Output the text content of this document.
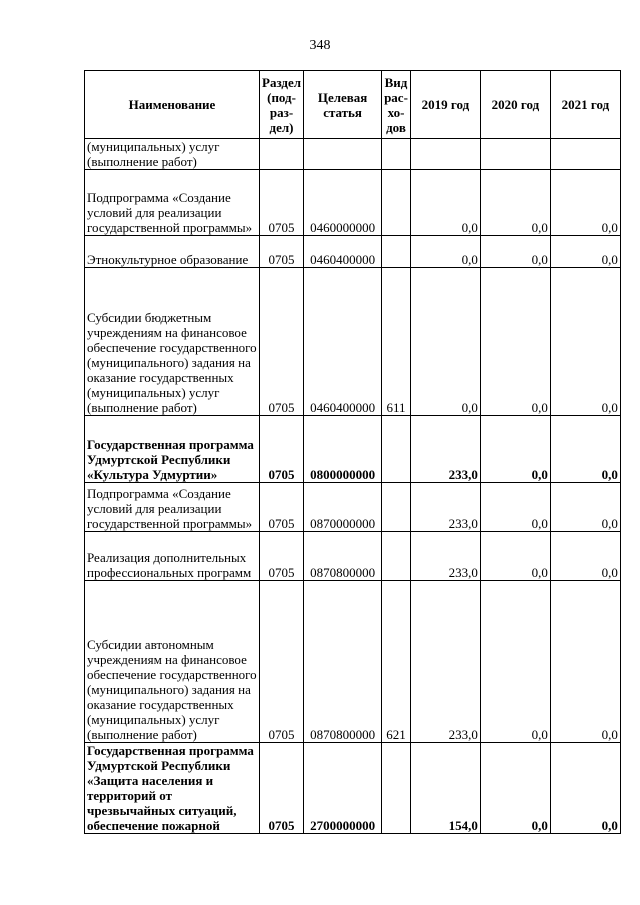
348
Наименование	Раздел (под-раз-дел)	Целевая статья	Вид рас-хо-дов	2019 год	2020 год	2021 год
(муниципальных) услуг (выполнение работ)						
Подпрограмма «Создание условий для реализации государственной программы»	0705	0460000000		0,0	0,0	0,0
Этнокультурное образование	0705	0460400000		0,0	0,0	0,0
Субсидии бюджетным учреждениям на финансовое обеспечение государственного (муниципального) задания на оказание государственных (муниципальных) услуг (выполнение работ)	0705	0460400000	611	0,0	0,0	0,0
Государственная программа Удмуртской Республики «Культура Удмуртии»	0705	0800000000		233,0	0,0	0,0
Подпрограмма «Создание условий для реализации государственной программы»	0705	0870000000		233,0	0,0	0,0
Реализация дополнительных профессиональных программ	0705	0870800000		233,0	0,0	0,0
Субсидии автономным учреждениям на финансовое обеспечение государственного (муниципального) задания на оказание государственных (муниципальных) услуг (выполнение работ)	0705	0870800000	621	233,0	0,0	0,0
Государственная программа Удмуртской Республики «Защита населения и территорий от чрезвычайных ситуаций, обеспечение пожарной	0705	2700000000		154,0	0,0	0,0
